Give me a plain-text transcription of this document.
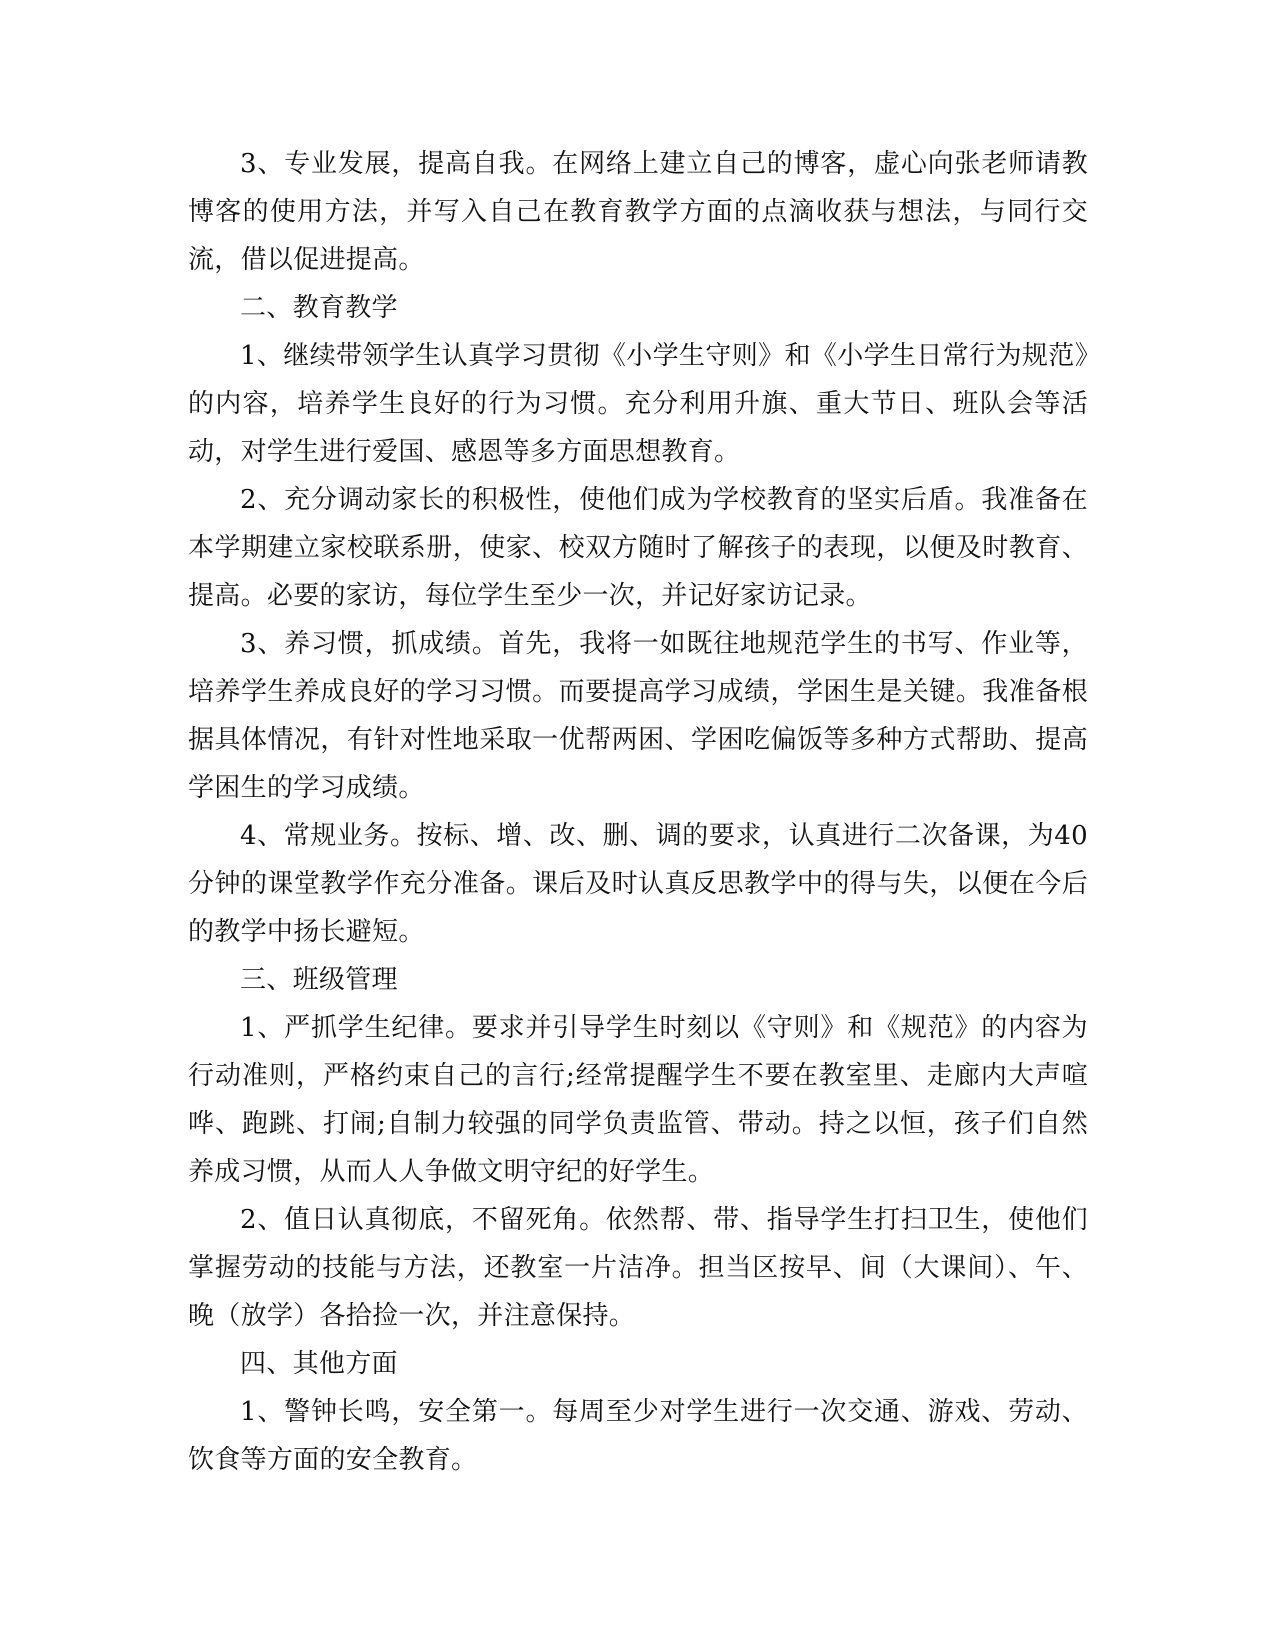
3、专业发展，提高自我。在网络上建立自己的博客，虚心向张老师请教博客的使用方法，并写入自己在教育教学方面的点滴收获与想法，与同行交流，借以促进提高。

二、教育教学

1、继续带领学生认真学习贯彻《小学生守则》和《小学生日常行为规范》的内容，培养学生良好的行为习惯。充分利用升旗、重大节日、班队会等活动，对学生进行爱国、感恩等多方面思想教育。

2、充分调动家长的积极性，使他们成为学校教育的坚实后盾。我准备在本学期建立家校联系册，使家、校双方随时了解孩子的表现，以便及时教育、提高。必要的家访，每位学生至少一次，并记好家访记录。

3、养习惯，抓成绩。首先，我将一如既往地规范学生的书写、作业等，培养学生养成良好的学习习惯。而要提高学习成绩，学困生是关键。我准备根据具体情况，有针对性地采取一优帮两困、学困吃偏饭等多种方式帮助、提高学困生的学习成绩。

4、常规业务。按标、增、改、删、调的要求，认真进行二次备课，为40分钟的课堂教学作充分准备。课后及时认真反思教学中的得与失，以便在今后的教学中扬长避短。

三、班级管理

1、严抓学生纪律。要求并引导学生时刻以《守则》和《规范》的内容为行动准则，严格约束自己的言行;经常提醒学生不要在教室里、走廊内大声喧哗、跑跳、打闹;自制力较强的同学负责监管、带动。持之以恒，孩子们自然养成习惯，从而人人争做文明守纪的好学生。

2、值日认真彻底，不留死角。依然帮、带、指导学生打扫卫生，使他们掌握劳动的技能与方法，还教室一片洁净。担当区按早、间（大课间）、午、晚（放学）各拾捡一次，并注意保持。

四、其他方面

1、警钟长鸣，安全第一。每周至少对学生进行一次交通、游戏、劳动、饮食等方面的安全教育。
